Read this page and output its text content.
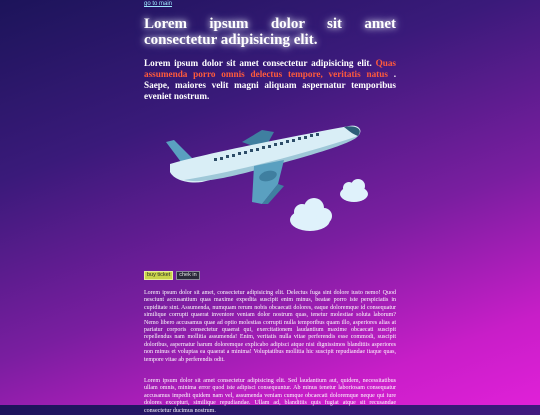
go to main
Lorem ipsum dolor sit amet consectetur adipisicing elit.

Lorem ipsum dolor sit amet consectetur adipisicing elit. Quas assumenda porro omnis delectus tempore, veritatis natus . Saepe, maiores velit magni aliquam aspernatur temporibus eveniet nostrum.

buy ticket	chek in

Lorem ipsum dolor sit amet, consectetur adipisicing elit. Delectus fuga sint dolore iusto nemo! Quod nesciunt accusantium quas maxime expedita suscipit enim minus, beatae porro iste perspiciatis in cupiditate sint. Assumenda, numquam rerum nobis obcaecati dolores, eaque doloremque id consequatur similique corrupti quaerat inventore veniam dolor nostrum quas, tenetur molestiae soluta laborum? Nemo libero accusamus quae ad optio molestias corrupti nulla temporibus quam illo, asperiores alias at pariatur corporis consectetur quaerat qui, exercitationem laudantium maxime obcaecati suscipit repellendus nam mollitia assumenda! Enim, veritatis nulla vitae perferendis esse commodi, suscipit doloribus, aspernatur harum doloremque explicabo adipisci atque nisi dignissimos blanditiis asperiores non minus et voluptas ea quaerat a minima! Voluptatibus mollitia hic suscipit repudiandae itaque quas, tempore vitae ab perferendis odit.

Lorem ipsum dolor sit amet consectetur adipisicing elit. Sed laudantium aut, quidem, necessitatibus ullam omnis, minima error quod iste adipisci consequuntur. Ab minus tenetur laboriosam consequatur accusamus impedit quidem nam vel, assumenda veniam cumque obcaecati doloremque neque qui iure dolores excepturi, similique repudiandae. Ullam ad, blanditiis quis fugiat atque sit recusandae consectetur ducimus nostrum.
